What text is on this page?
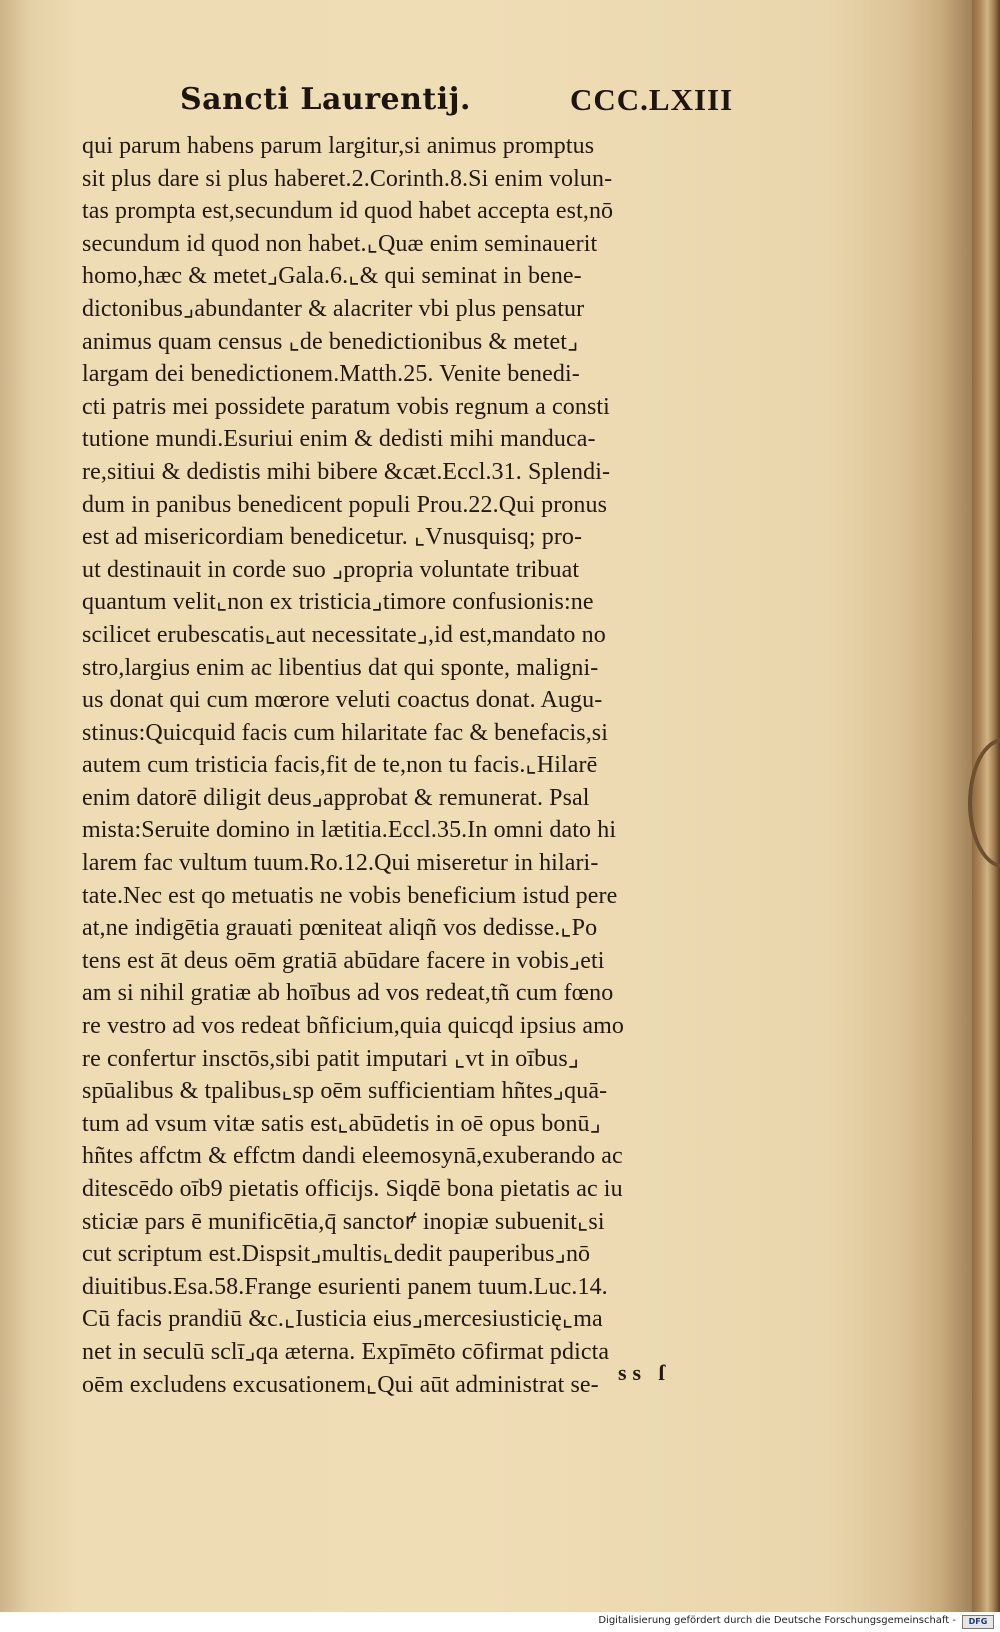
Sancti Laurentij.	CCC.LXIII
qui parum habens parum largitur,si animus promptus
sit plus dare si plus haberet.2.Corinth.8.Si enim volun-
tas prompta est,secundum id quod habet accepta est,nō
secundum id quod non habet.⌞Quæ enim seminauerit
homo,hæc & metet⌟Gala.6.⌞& qui seminat in bene-
dictonibus⌟abundanter & alacriter vbi plus pensatur
animus quam census ⌞de benedictionibus & metet⌟
largam dei benedictionem.Matth.25. Venite benedi-
cti patris mei possidete paratum vobis regnum a consti
tutione mundi.Esuriui enim & dedisti mihi manduca-
re,sitiui & dedistis mihi bibere &cæt.Eccl.31. Splendi-
dum in panibus benedicent populi Prou.22.Qui pronus
est ad misericordiam benedicetur. ⌞Vnusquisq; pro-
ut destinauit in corde suo ⌟propria voluntate tribuat
quantum velit⌞non ex tristicia⌟timore confusionis:ne
scilicet erubescatis⌞aut necessitate⌟,id est,mandato no
stro,largius enim ac libentius dat qui sponte, maligni-
us donat qui cum mœrore veluti coactus donat. Augu-
stinus:Quicquid facis cum hilaritate fac & benefacis,si
autem cum tristicia facis,fit de te,non tu facis.⌞Hilarē
enim datorē diligit deus⌟approbat & remunerat. Psal
mista:Seruite domino in lætitia.Eccl.35.In omni dato hi
larem fac vultum tuum.Ro.12.Qui miseretur in hilari-
tate.Nec est qo metuatis ne vobis beneficium istud pere
at,ne indigētia grauati pœniteat aliqñ vos dedisse.⌞Po
tens est āt deus oēm gratiā abūdare facere in vobis⌟eti
am si nihil gratiæ ab hoībus ad vos redeat,tñ cum fœno
re vestro ad vos redeat bñficium,quia quicqd ipsius amo
re confertur insctōs,sibi patit imputari ⌞vt in oībus⌟
spūalibus & tpalibus⌞sp oēm sufficientiam hñtes⌟quā-
tum ad vsum vitæ satis est⌞abūdetis in oē opus bonū⌟
hñtes affctm & effctm dandi eleemosynā,exuberando ac
ditescēdo oīb9 pietatis officijs. Siqdē bona pietatis ac iu
sticiæ pars ē munificētia,q̄ sanctoꝵ inopiæ subuenit⌞si
cut scriptum est.Dispsit⌟multis⌞dedit pauperibus⌟nō
diuitibus.Esa.58.Frange esurienti panem tuum.Luc.14.
Cū facis prandiū &c.⌞Iusticia eius⌟mercesiusticię⌞ma
net in seculū sclī⌟qa æterna. Expīmēto cōfirmat pdicta
oēm excludens excusationem⌞Qui aūt administrat se- ss ſ
Digitalisierung gefördert durch die Deutsche Forschungsgemeinschaft -	DFG
